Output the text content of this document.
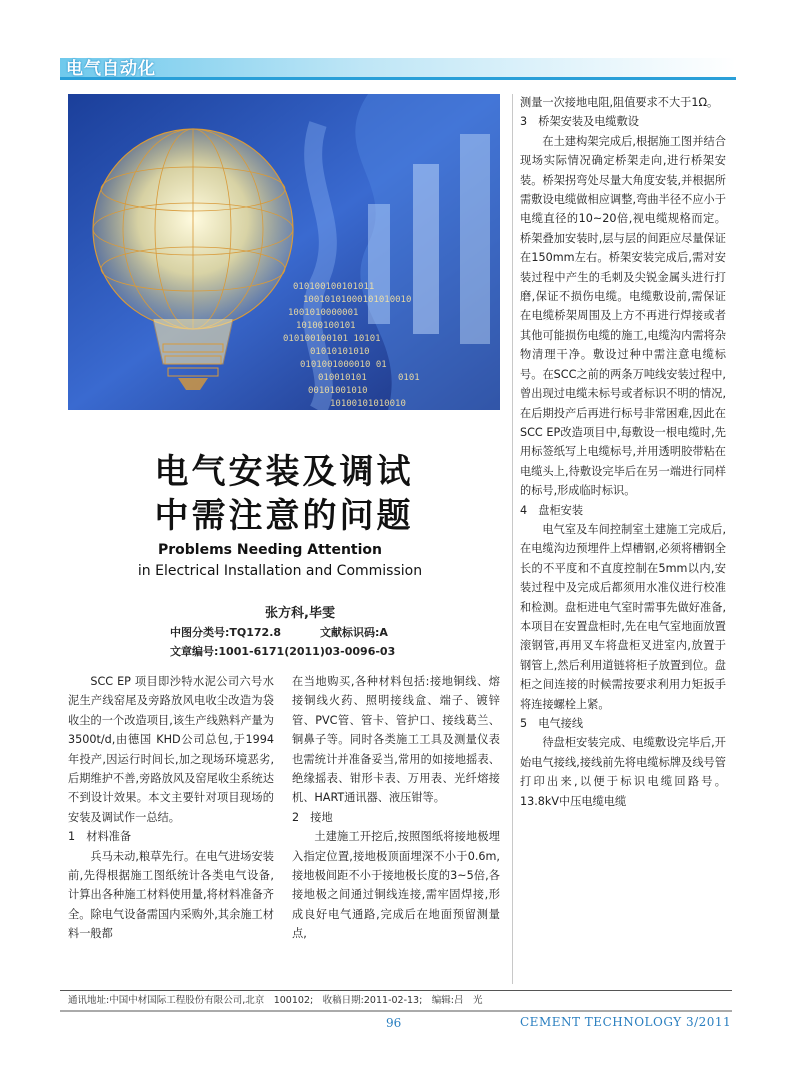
电气自动化
010100100101011
10010101000101010010
1001010000001
10100100101
010100100101 10101
01010101010
0101001000010 01
010010101	0101
00101001010
10100101010010
电气安装及调试
中需注意的问题
Problems Needing Attention
in Electrical Installation and Commission
张方科,毕雯
中图分类号:TQ172.8	文献标识码:A
文章编号:1001-6171(2011)03-0096-03

SCC EP 项目即沙特水泥公司六号水泥生产线窑尾及旁路放风电收尘改造为袋收尘的一个改造项目,该生产线熟料产量为 3500t/d,由德国 KHD公司总包,于1994年投产,因运行时间长,加之现场环境恶劣,后期维护不善,旁路放风及窑尾收尘系统达不到设计效果。本文主要针对项目现场的安装及调试作一总结。

1　材料准备

兵马未动,粮草先行。在电气进场安装前,先得根据施工图纸统计各类电气设备,计算出各种施工材料使用量,将材料准备齐全。除电气设备需国内采购外,其余施工材料一般都

在当地购买,各种材料包括:接地铜线、熔接铜线火药、照明接线盒、端子、镀锌管、PVC管、管卡、管护口、接线葛兰、铜鼻子等。同时各类施工工具及测量仪表也需统计并准备妥当,常用的如接地摇表、绝缘摇表、钳形卡表、万用表、光纤熔接机、HART通讯器、液压钳等。

2　接地

土建施工开挖后,按照图纸将接地极埋入指定位置,接地极顶面埋深不小于0.6m,接地极间距不小于接地极长度的3~5倍,各接地极之间通过铜线连接,需牢固焊接,形成良好电气通路,完成后在地面预留测量点,

测量一次接地电阻,阻值要求不大于1Ω。

3　桥架安装及电缆敷设

在土建构架完成后,根据施工图并结合现场实际情况确定桥架走向,进行桥架安装。桥架拐弯处尽量大角度安装,并根据所需敷设电缆做相应调整,弯曲半径不应小于电缆直径的10~20倍,视电缆规格而定。桥架叠加安装时,层与层的间距应尽量保证在150mm左右。桥架安装完成后,需对安装过程中产生的毛刺及尖锐金属头进行打磨,保证不损伤电缆。电缆敷设前,需保证在电缆桥架周围及上方不再进行焊接或者其他可能损伤电缆的施工,电缆沟内需将杂物清理干净。敷设过种中需注意电缆标号。在SCC之前的两条万吨线安装过程中,曾出现过电缆未标号或者标识不明的情况,在后期投产后再进行标号非常困难,因此在SCC EP改造项目中,每敷设一根电缆时,先用标签纸写上电缆标号,并用透明胶带粘在电缆头上,待敷设完毕后在另一端进行同样的标号,形成临时标识。

4　盘柜安装

电气室及车间控制室土建施工完成后,在电缆沟边预埋件上焊槽钢,必须将槽钢全长的不平度和不直度控制在5mm以内,安装过程中及完成后都须用水准仪进行校准和检测。盘柜进电气室时需事先做好准备,本项目在安置盘柜时,先在电气室地面放置滚钢管,再用叉车将盘柜叉进室内,放置于钢管上,然后利用道链将柜子放置到位。盘柜之间连接的时候需按要求利用力矩扳手将连接螺栓上紧。

5　电气接线

待盘柜安装完成、电缆敷设完毕后,开始电气接线,接线前先将电缆标牌及线号管打印出来,以便于标识电缆回路号。13.8kV中压电缆电缆

通讯地址:中国中材国际工程股份有限公司,北京　100102;　收稿日期:2011-02-13;　编辑:吕　光
96	CEMENT TECHNOLOGY 3/2011
